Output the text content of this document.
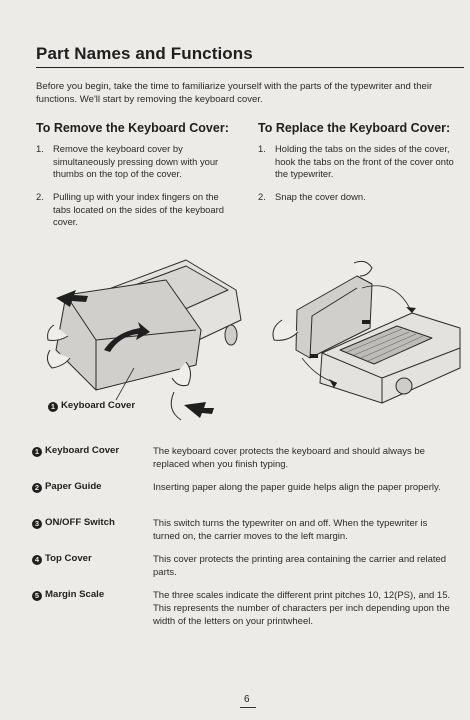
Part Names and Functions
Before you begin, take the time to familiarize yourself with the parts of the typewriter and their functions. We'll start by removing the keyboard cover.
To Remove the Keyboard Cover: To Replace the Keyboard Cover:
1. Remove the keyboard cover by simultaneously pressing down with your thumbs on the top of the cover.
2. Pulling up with your index fingers on the tabs located on the sides of the keyboard cover.
1. Holding the tabs on the sides of the cover, hook the tabs on the front of the cover onto the typewriter.
2. Snap the cover down.
1 Keyboard Cover
1 Keyboard Cover	The keyboard cover protects the keyboard and should always be replaced when you finish typing.
2 Paper Guide	Inserting paper along the paper guide helps align the paper properly.
3 ON/OFF Switch	This switch turns the typewriter on and off. When the typewriter is turned on, the carrier moves to the left margin.
4 Top Cover	This cover protects the printing area containing the carrier and related parts.
5 Margin Scale	The three scales indicate the different print pitches 10, 12(PS), and 15. This represents the number of characters per inch depending upon the width of the letters on your printwheel.
6
